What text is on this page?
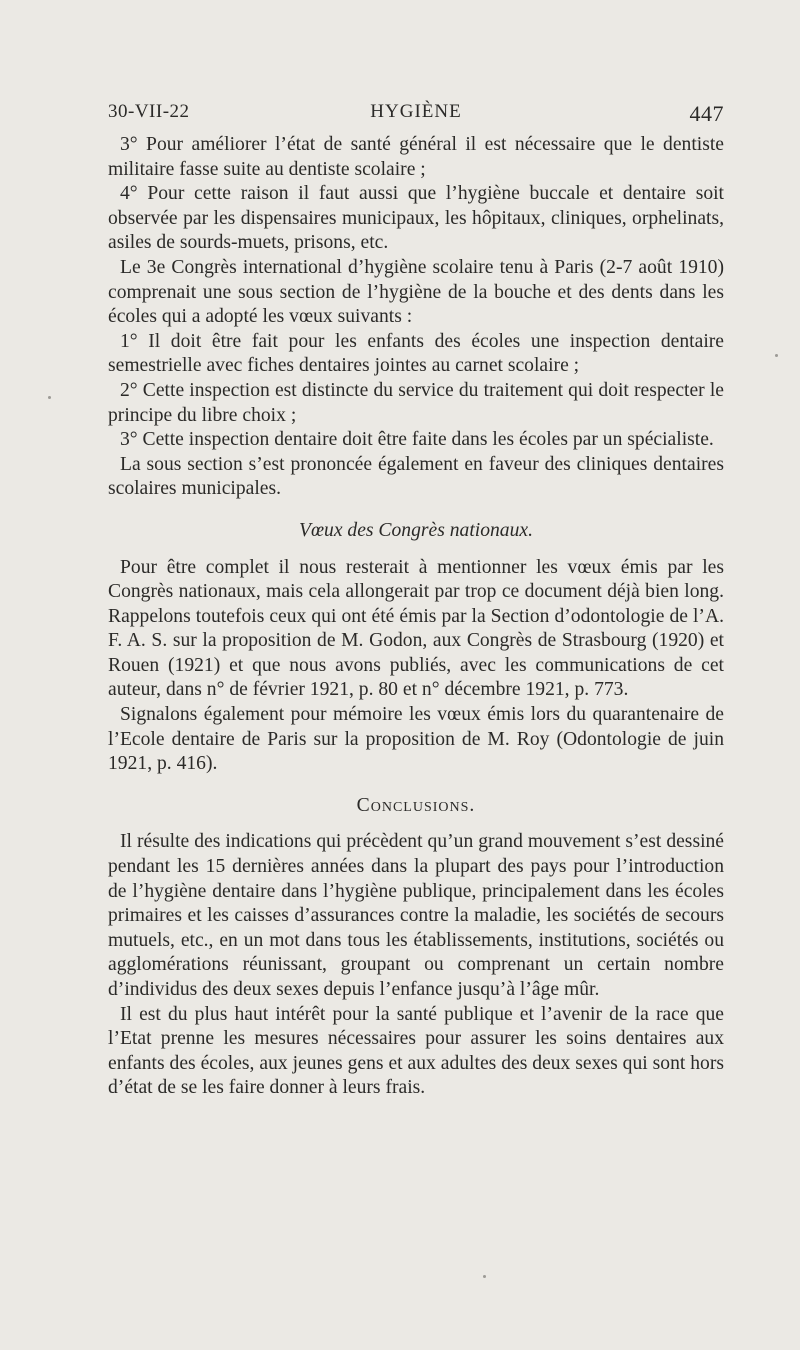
30-VII-22	HYGIÈNE	447

3° Pour améliorer l’état de santé général il est nécessaire que le dentiste militaire fasse suite au dentiste scolaire ;

4° Pour cette raison il faut aussi que l’hygiène buccale et dentaire soit observée par les dispensaires municipaux, les hôpitaux, cliniques, orphelinats, asiles de sourds-muets, prisons, etc.

Le 3e Congrès international d’hygiène scolaire tenu à Paris (2-7 août 1910) comprenait une sous section de l’hygiène de la bouche et des dents dans les écoles qui a adopté les vœux suivants :

1° Il doit être fait pour les enfants des écoles une inspection dentaire semestrielle avec fiches dentaires jointes au carnet scolaire ;

2° Cette inspection est distincte du service du traitement qui doit respecter le principe du libre choix ;

3° Cette inspection dentaire doit être faite dans les écoles par un spécialiste.

La sous section s’est prononcée également en faveur des cliniques dentaires scolaires municipales.

Vœux des Congrès nationaux.

Pour être complet il nous resterait à mentionner les vœux émis par les Congrès nationaux, mais cela allongerait par trop ce document déjà bien long. Rappelons toutefois ceux qui ont été émis par la Section d’odontologie de l’A. F. A. S. sur la proposition de M. Godon, aux Congrès de Strasbourg (1920) et Rouen (1921) et que nous avons publiés, avec les communications de cet auteur, dans n° de février 1921, p. 80 et n° décembre 1921, p. 773.

Signalons également pour mémoire les vœux émis lors du quarantenaire de l’Ecole dentaire de Paris sur la proposition de M. Roy (Odontologie de juin 1921, p. 416).

Conclusions.

Il résulte des indications qui précèdent qu’un grand mouvement s’est dessiné pendant les 15 dernières années dans la plupart des pays pour l’introduction de l’hygiène dentaire dans l’hygiène publique, principalement dans les écoles primaires et les caisses d’assurances contre la maladie, les sociétés de secours mutuels, etc., en un mot dans tous les établissements, institutions, sociétés ou agglomérations réunissant, groupant ou comprenant un certain nombre d’individus des deux sexes depuis l’enfance jusqu’à l’âge mûr.

Il est du plus haut intérêt pour la santé publique et l’avenir de la race que l’Etat prenne les mesures nécessaires pour assurer les soins dentaires aux enfants des écoles, aux jeunes gens et aux adultes des deux sexes qui sont hors d’état de se les faire donner à leurs frais.
